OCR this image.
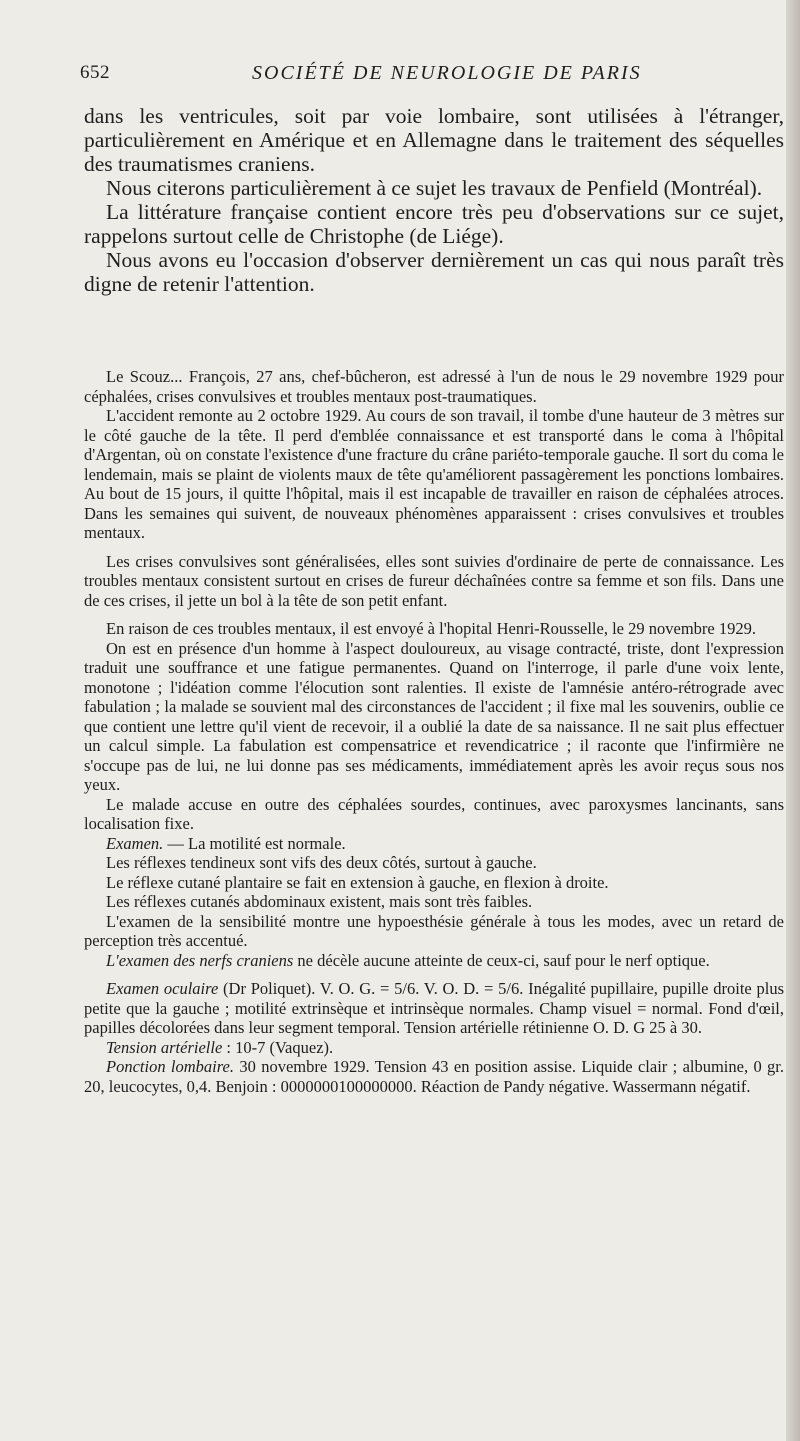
652	SOCIÉTÉ DE NEUROLOGIE DE PARIS

dans les ventricules, soit par voie lombaire, sont utilisées à l'étranger, particulièrement en Amérique et en Allemagne dans le traitement des séquelles des traumatismes craniens.

Nous citerons particulièrement à ce sujet les travaux de Penfield (Montréal).

La littérature française contient encore très peu d'observations sur ce sujet, rappelons surtout celle de Christophe (de Liége).

Nous avons eu l'occasion d'observer dernièrement un cas qui nous paraît très digne de retenir l'attention.

Le Scouz... François, 27 ans, chef-bûcheron, est adressé à l'un de nous le 29 novembre 1929 pour céphalées, crises convulsives et troubles mentaux post-traumatiques.

L'accident remonte au 2 octobre 1929. Au cours de son travail, il tombe d'une hauteur de 3 mètres sur le côté gauche de la tête. Il perd d'emblée connaissance et est transporté dans le coma à l'hôpital d'Argentan, où on constate l'existence d'une fracture du crâne pariéto-temporale gauche. Il sort du coma le lendemain, mais se plaint de violents maux de tête qu'améliorent passagèrement les ponctions lombaires. Au bout de 15 jours, il quitte l'hôpital, mais il est incapable de travailler en raison de céphalées atroces. Dans les semaines qui suivent, de nouveaux phénomènes apparaissent : crises convulsives et troubles mentaux.

Les crises convulsives sont généralisées, elles sont suivies d'ordinaire de perte de connaissance. Les troubles mentaux consistent surtout en crises de fureur déchaînées contre sa femme et son fils. Dans une de ces crises, il jette un bol à la tête de son petit enfant.

En raison de ces troubles mentaux, il est envoyé à l'hopital Henri-Rousselle, le 29 novembre 1929.

On est en présence d'un homme à l'aspect douloureux, au visage contracté, triste, dont l'expression traduit une souffrance et une fatigue permanentes. Quand on l'interroge, il parle d'une voix lente, monotone ; l'idéation comme l'élocution sont ralenties. Il existe de l'amnésie antéro-rétrograde avec fabulation ; la malade se souvient mal des circonstances de l'accident ; il fixe mal les souvenirs, oublie ce que contient une lettre qu'il vient de recevoir, il a oublié la date de sa naissance. Il ne sait plus effectuer un calcul simple. La fabulation est compensatrice et revendicatrice ; il raconte que l'infirmière ne s'occupe pas de lui, ne lui donne pas ses médicaments, immédiatement après les avoir reçus sous nos yeux.

Le malade accuse en outre des céphalées sourdes, continues, avec paroxysmes lancinants, sans localisation fixe.

Examen. — La motilité est normale.

Les réflexes tendineux sont vifs des deux côtés, surtout à gauche.

Le réflexe cutané plantaire se fait en extension à gauche, en flexion à droite.

Les réflexes cutanés abdominaux existent, mais sont très faibles.

L'examen de la sensibilité montre une hypoesthésie générale à tous les modes, avec un retard de perception très accentué.

L'examen des nerfs craniens ne décèle aucune atteinte de ceux-ci, sauf pour le nerf optique.

Examen oculaire (Dr Poliquet). V. O. G. = 5/6. V. O. D. = 5/6. Inégalité pupillaire, pupille droite plus petite que la gauche ; motilité extrinsèque et intrinsèque normales. Champ visuel = normal. Fond d'œil, papilles décolorées dans leur segment temporal. Tension artérielle rétinienne O. D. G 25 à 30.

Tension artérielle : 10-7 (Vaquez).

Ponction lombaire. 30 novembre 1929. Tension 43 en position assise. Liquide clair ; albumine, 0 gr. 20, leucocytes, 0,4. Benjoin : 0000000100000000. Réaction de Pandy négative. Wassermann négatif.
